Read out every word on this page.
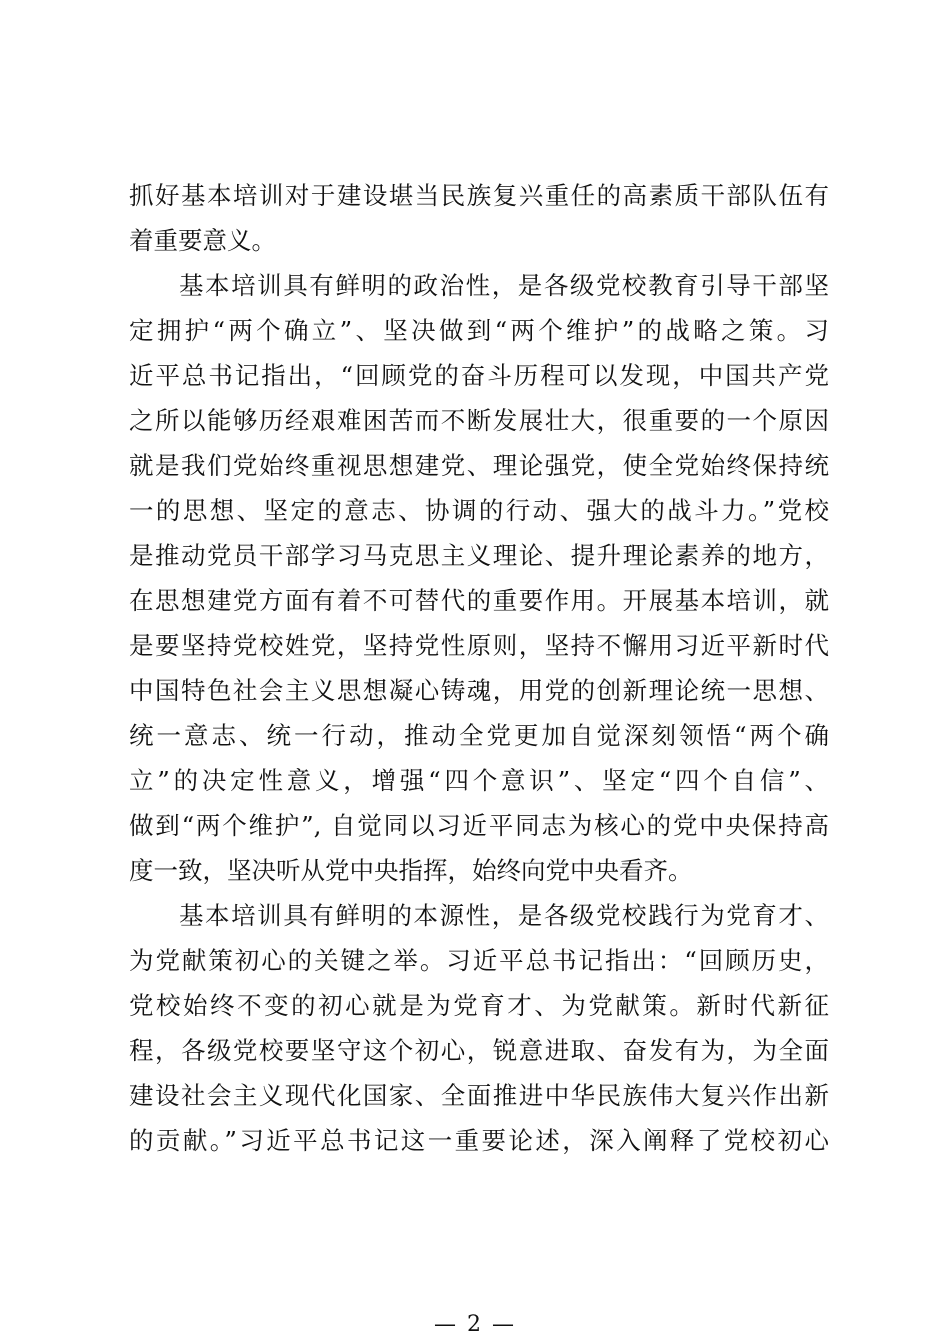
抓好基本培训对于建设堪当民族复兴重任的高素质干部队伍有
着重要意义。
基本培训具有鲜明的政治性，是各级党校教育引导干部坚
定拥护“两个确立”、坚决做到“两个维护”的战略之策。习
近平总书记指出，“回顾党的奋斗历程可以发现，中国共产党
之所以能够历经艰难困苦而不断发展壮大，很重要的一个原因
就是我们党始终重视思想建党、理论强党，使全党始终保持统
一的思想、坚定的意志、协调的行动、强大的战斗力。”党校
是推动党员干部学习马克思主义理论、提升理论素养的地方，
在思想建党方面有着不可替代的重要作用。开展基本培训，就
是要坚持党校姓党，坚持党性原则，坚持不懈用习近平新时代
中国特色社会主义思想凝心铸魂，用党的创新理论统一思想、
统一意志、统一行动，推动全党更加自觉深刻领悟“两个确
立”的决定性意义，增强“四个意识”、坚定“四个自信”、
做到“两个维护”, 自觉同以习近平同志为核心的党中央保持高
度一致，坚决听从党中央指挥，始终向党中央看齐。
基本培训具有鲜明的本源性，是各级党校践行为党育才、
为党献策初心的关键之举。习近平总书记指出：“回顾历史，
党校始终不变的初心就是为党育才、为党献策。新时代新征
程，各级党校要坚守这个初心，锐意进取、奋发有为，为全面
建设社会主义现代化国家、全面推进中华民族伟大复兴作出新
的贡献。”习近平总书记这一重要论述，深入阐释了党校初心
— 2 —
